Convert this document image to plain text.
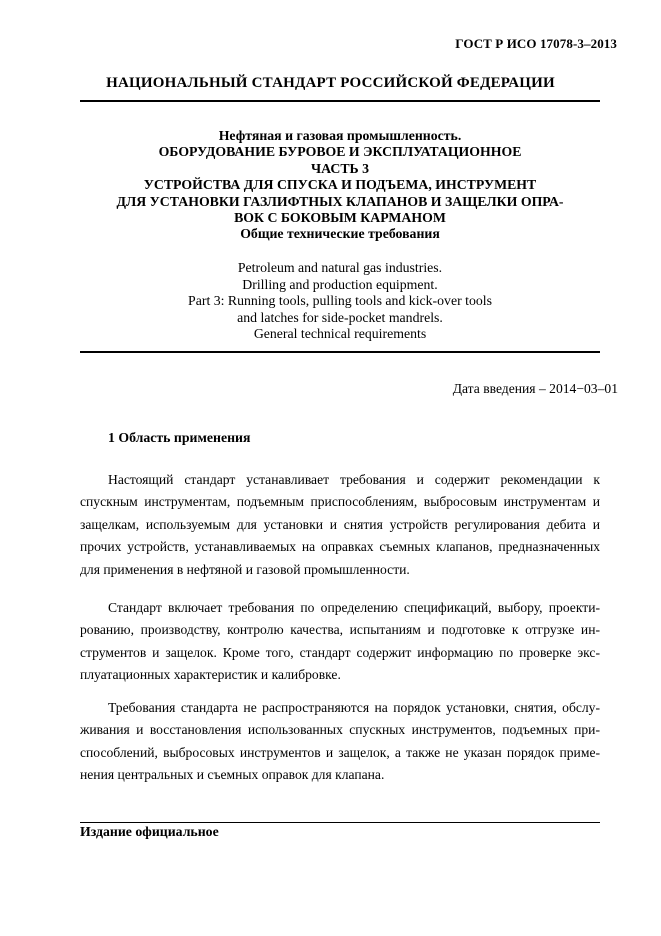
ГОСТ Р ИСО 17078-3–2013
НАЦИОНАЛЬНЫЙ СТАНДАРТ РОССИЙСКОЙ ФЕДЕРАЦИИ
Нефтяная и газовая промышленность.
ОБОРУДОВАНИЕ БУРОВОЕ И ЭКСПЛУАТАЦИОННОЕ
ЧАСТЬ 3
УСТРОЙСТВА ДЛЯ СПУСКА И ПОДЪЕМА, ИНСТРУМЕНТ
ДЛЯ УСТАНОВКИ ГАЗЛИФТНЫХ КЛАПАНОВ И ЗАЩЕЛКИ ОПРА-
ВОК С БОКОВЫМ КАРМАНОМ
Общие технические требования
Petroleum and natural gas industries.
Drilling and production equipment.
Part 3: Running tools, pulling tools and kick-over tools
and latches for side-pocket mandrels.
General technical requirements
Дата введения – 2014−03–01
1 Область применения
Настоящий стандарт устанавливает требования и содержит рекомендации к
спускным инструментам, подъемным приспособлениям, выбросовым инструментам и
защелкам, используемым для установки и снятия устройств регулирования дебита и
прочих устройств, устанавливаемых на оправках съемных клапанов, предназначенных
для применения в нефтяной и газовой промышленности.
Стандарт включает требования по определению спецификаций, выбору, проекти-
рованию, производству, контролю качества, испытаниям и подготовке к отгрузке ин-
струментов и защелок. Кроме того, стандарт содержит информацию по проверке экс-
плуатационных характеристик и калибровке.
Требования стандарта не распространяются на порядок установки, снятия, обслу-
живания и восстановления использованных спускных инструментов, подъемных при-
способлений, выбросовых инструментов и защелок, а также не указан порядок приме-
нения центральных и съемных оправок для клапана.
Издание официальное
